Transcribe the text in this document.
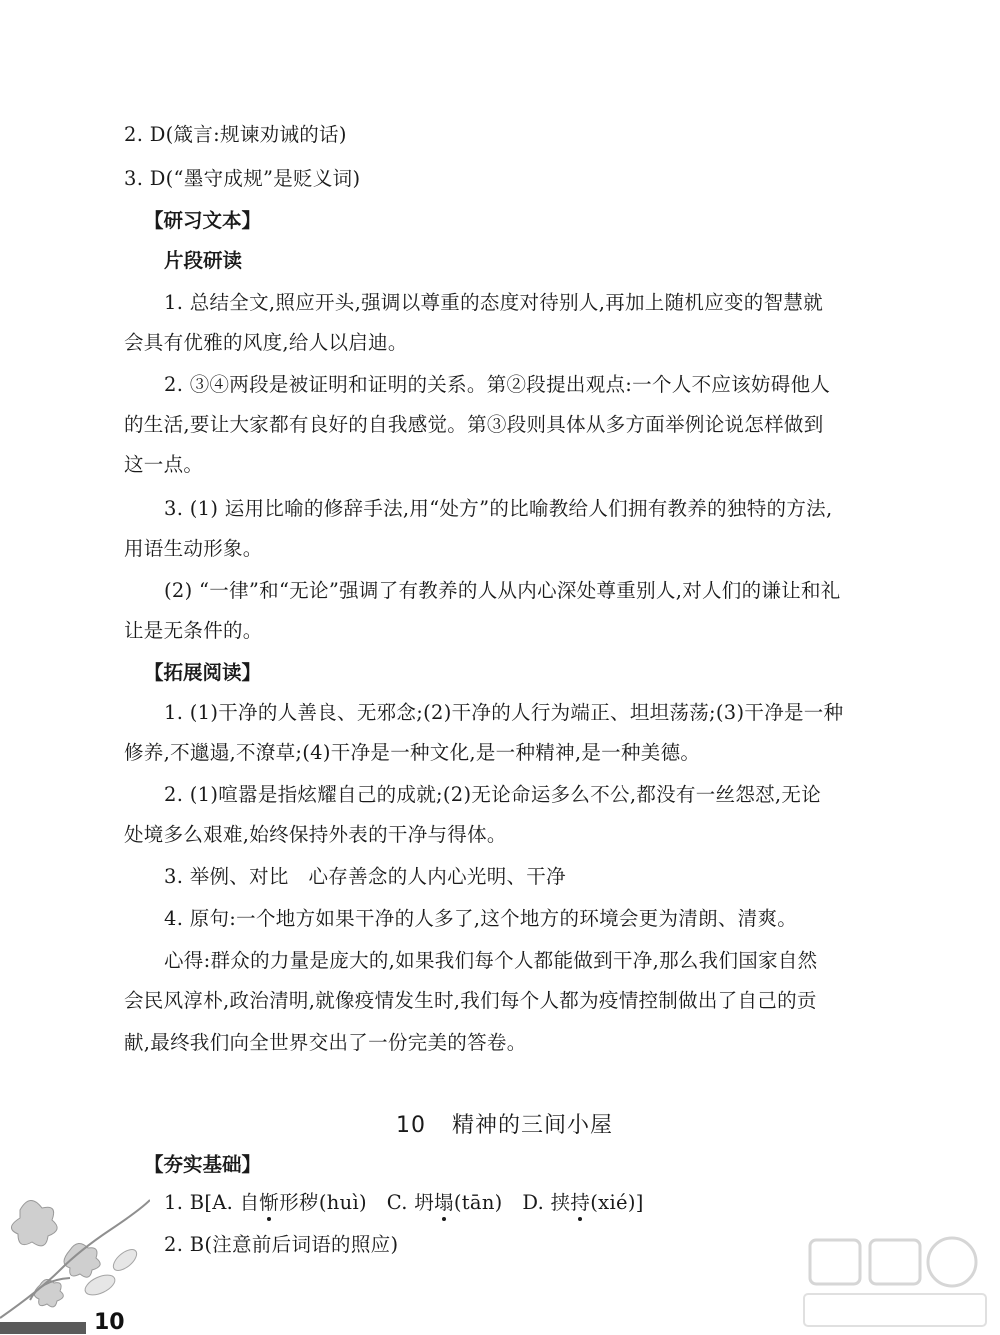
2. D(箴言:规谏劝诫的话)
3. D(“墨守成规”是贬义词)
【研习文本】
片段研读
1. 总结全文,照应开头,强调以尊重的态度对待别人,再加上随机应变的智慧就
会具有优雅的风度,给人以启迪。
2. ③④两段是被证明和证明的关系。第②段提出观点:一个人不应该妨碍他人
的生活,要让大家都有良好的自我感觉。第③段则具体从多方面举例论说怎样做到
这一点。
3. (1) 运用比喻的修辞手法,用“处方”的比喻教给人们拥有教养的独特的方法,
用语生动形象。
(2) “一律”和“无论”强调了有教养的人从内心深处尊重别人,对人们的谦让和礼
让是无条件的。
【拓展阅读】
1. (1)干净的人善良、无邪念;(2)干净的人行为端正、坦坦荡荡;(3)干净是一种
修养,不邋遢,不潦草;(4)干净是一种文化,是一种精神,是一种美德。
2. (1)喧嚣是指炫耀自己的成就;(2)无论命运多么不公,都没有一丝怨怼,无论
处境多么艰难,始终保持外表的干净与得体。
3. 举例、对比　心存善念的人内心光明、干净
4. 原句:一个地方如果干净的人多了,这个地方的环境会更为清朗、清爽。
心得:群众的力量是庞大的,如果我们每个人都能做到干净,那么我们国家自然
会民风淳朴,政治清明,就像疫情发生时,我们每个人都为疫情控制做出了自己的贡
献,最终我们向全世界交出了一份完美的答卷。
10 精神的三间小屋
【夯实基础】
1. B[A. 自惭形秽(huì)　C. 坍塌(tān)　D. 挟持(xié)]
2. B(注意前后词语的照应)
10
